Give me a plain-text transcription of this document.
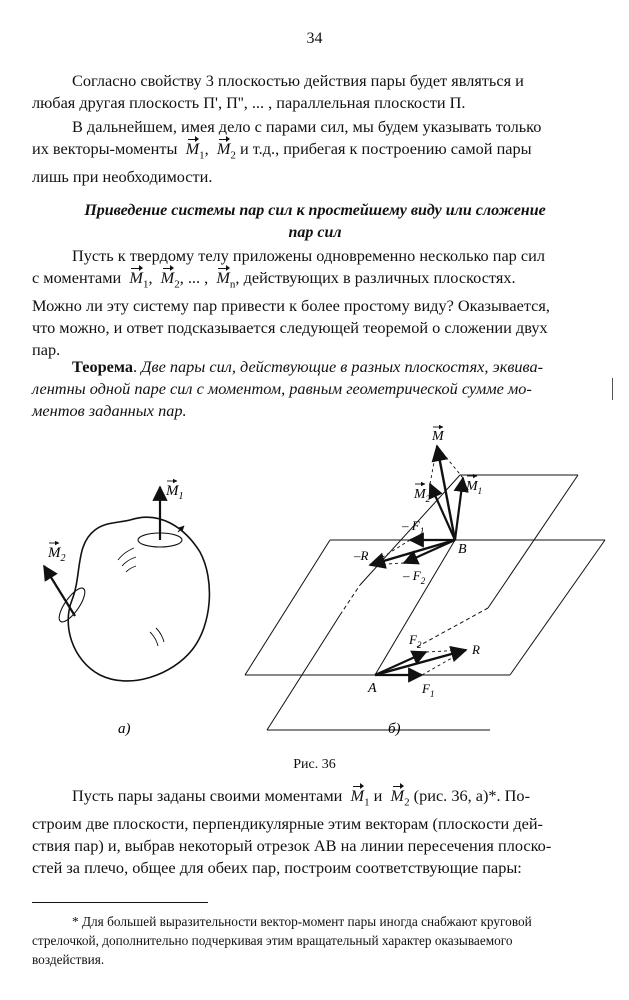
34
Согласно свойству 3 плоскостью действия пары будет являться и
любая другая плоскость П', П'', ... , параллельная плоскости П.
В дальнейшем, имея дело с парами сил, мы будем указывать только
их векторы-моменты $M_1$,  $M_2$ и т.д., прибегая к построению самой пары
лишь при необходимости.
Приведение системы пар сил к простейшему виду или сложение
пар сил
Пусть к твердому телу приложены одновременно несколько пар сил
с моментами $M_1$,  $M_2$, ... ,  $M_n$, действующих в различных плоскостях.
Можно ли эту систему пар привести к более простому виду? Оказывается,
что можно, и ответ подсказывается следующей теоремой о сложении двух
пар.
Теорема. Две пары сил, действующие в разных плоскостях, эквива-
лентны одной паре сил с моментом, равным геометрической сумме мо-
ментов заданных пар.
$M_1$
$M_2$
а)
M
$M_1$
$M_2$
– $F_1$
–R
– $F_2$
B
A
$F_2$	R
$F_1$
б)
Рис. 36
Пусть пары заданы своими моментами $M_1$ и $M_2$ (рис. 36, а)*. По-
строим две плоскости, перпендикулярные этим векторам (плоскости дей-
ствия пар) и, выбрав некоторый отрезок AB на линии пересечения плоско-
стей за плечо, общее для обеих пар, построим соответствующие пары:
* Для большей выразительности вектор-момент пары иногда снабжают круговой
стрелочкой, дополнительно подчеркивая этим вращательный характер оказываемого
воздействия.
